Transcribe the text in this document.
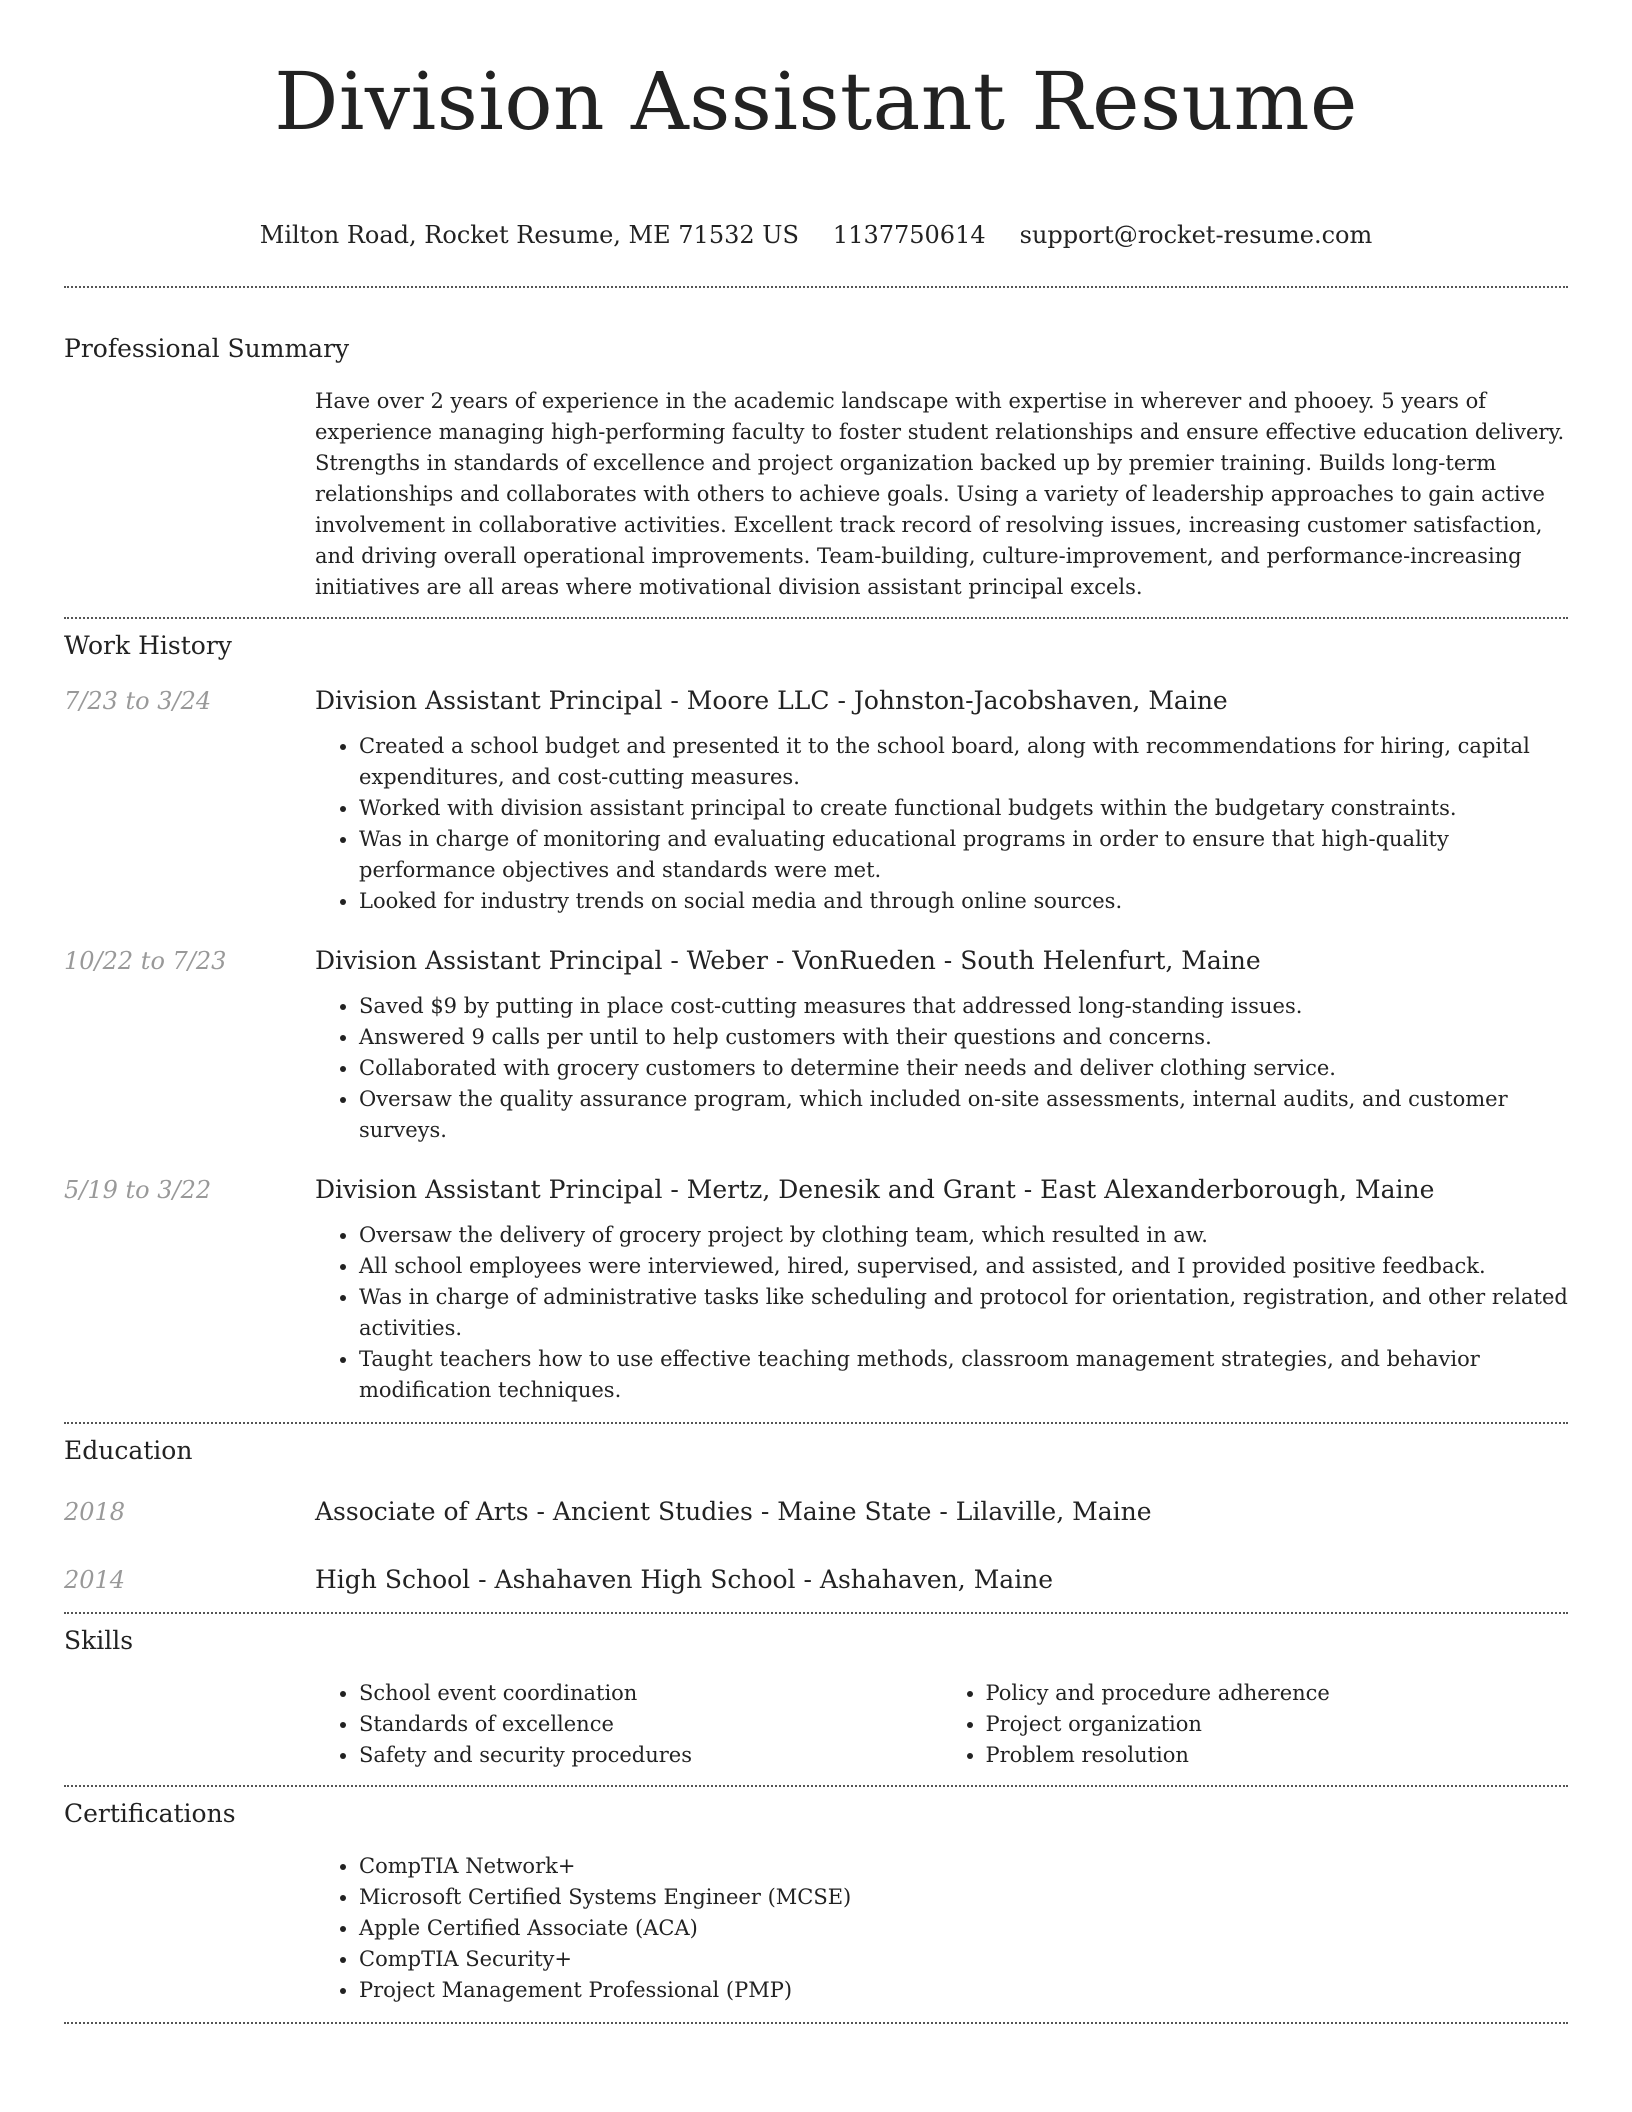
Division Assistant Resume
Milton Road, Rocket Resume, ME 71532 US 1137750614 support@rocket-resume.com
Professional Summary

Have over 2 years of experience in the academic landscape with expertise in wherever and phooey. 5 years of experience managing high-performing faculty to foster student relationships and ensure effective education delivery. Strengths in standards of excellence and project organization backed up by premier training. Builds long-term relationships and collaborates with others to achieve goals. Using a variety of leadership approaches to gain active involvement in collaborative activities. Excellent track record of resolving issues, increasing customer satisfaction, and driving overall operational improvements. Team-building, culture-improvement, and performance-increasing initiatives are all areas where motivational division assistant principal excels.

Work History
7/23 to 3/24	Division Assistant Principal - Moore LLC - Johnston-Jacobshaven, Maine

• Created a school budget and presented it to the school board, along with recommendations for hiring, capital expenditures, and cost-cutting measures.
• Worked with division assistant principal to create functional budgets within the budgetary constraints.
• Was in charge of monitoring and evaluating educational programs in order to ensure that high-quality performance objectives and standards were met.
• Looked for industry trends on social media and through online sources.
10/22 to 7/23	Division Assistant Principal - Weber - VonRueden - South Helenfurt, Maine

• Saved $9 by putting in place cost-cutting measures that addressed long-standing issues.
• Answered 9 calls per until to help customers with their questions and concerns.
• Collaborated with grocery customers to determine their needs and deliver clothing service.
• Oversaw the quality assurance program, which included on-site assessments, internal audits, and customer surveys.
5/19 to 3/22	Division Assistant Principal - Mertz, Denesik and Grant - East Alexanderborough, Maine

• Oversaw the delivery of grocery project by clothing team, which resulted in aw.
• All school employees were interviewed, hired, supervised, and assisted, and I provided positive feedback.
• Was in charge of administrative tasks like scheduling and protocol for orientation, registration, and other related activities.
• Taught teachers how to use effective teaching methods, classroom management strategies, and behavior modification techniques.
Education
2018	Associate of Arts - Ancient Studies - Maine State - Lilaville, Maine

2014	High School - Ashahaven High School - Ashahaven, Maine

Skills
• School event coordination
• Standards of excellence
• Safety and security procedures
• Policy and procedure adherence
• Project organization
• Problem resolution
Certifications
• CompTIA Network+
• Microsoft Certified Systems Engineer (MCSE)
• Apple Certified Associate (ACA)
• CompTIA Security+
• Project Management Professional (PMP)
